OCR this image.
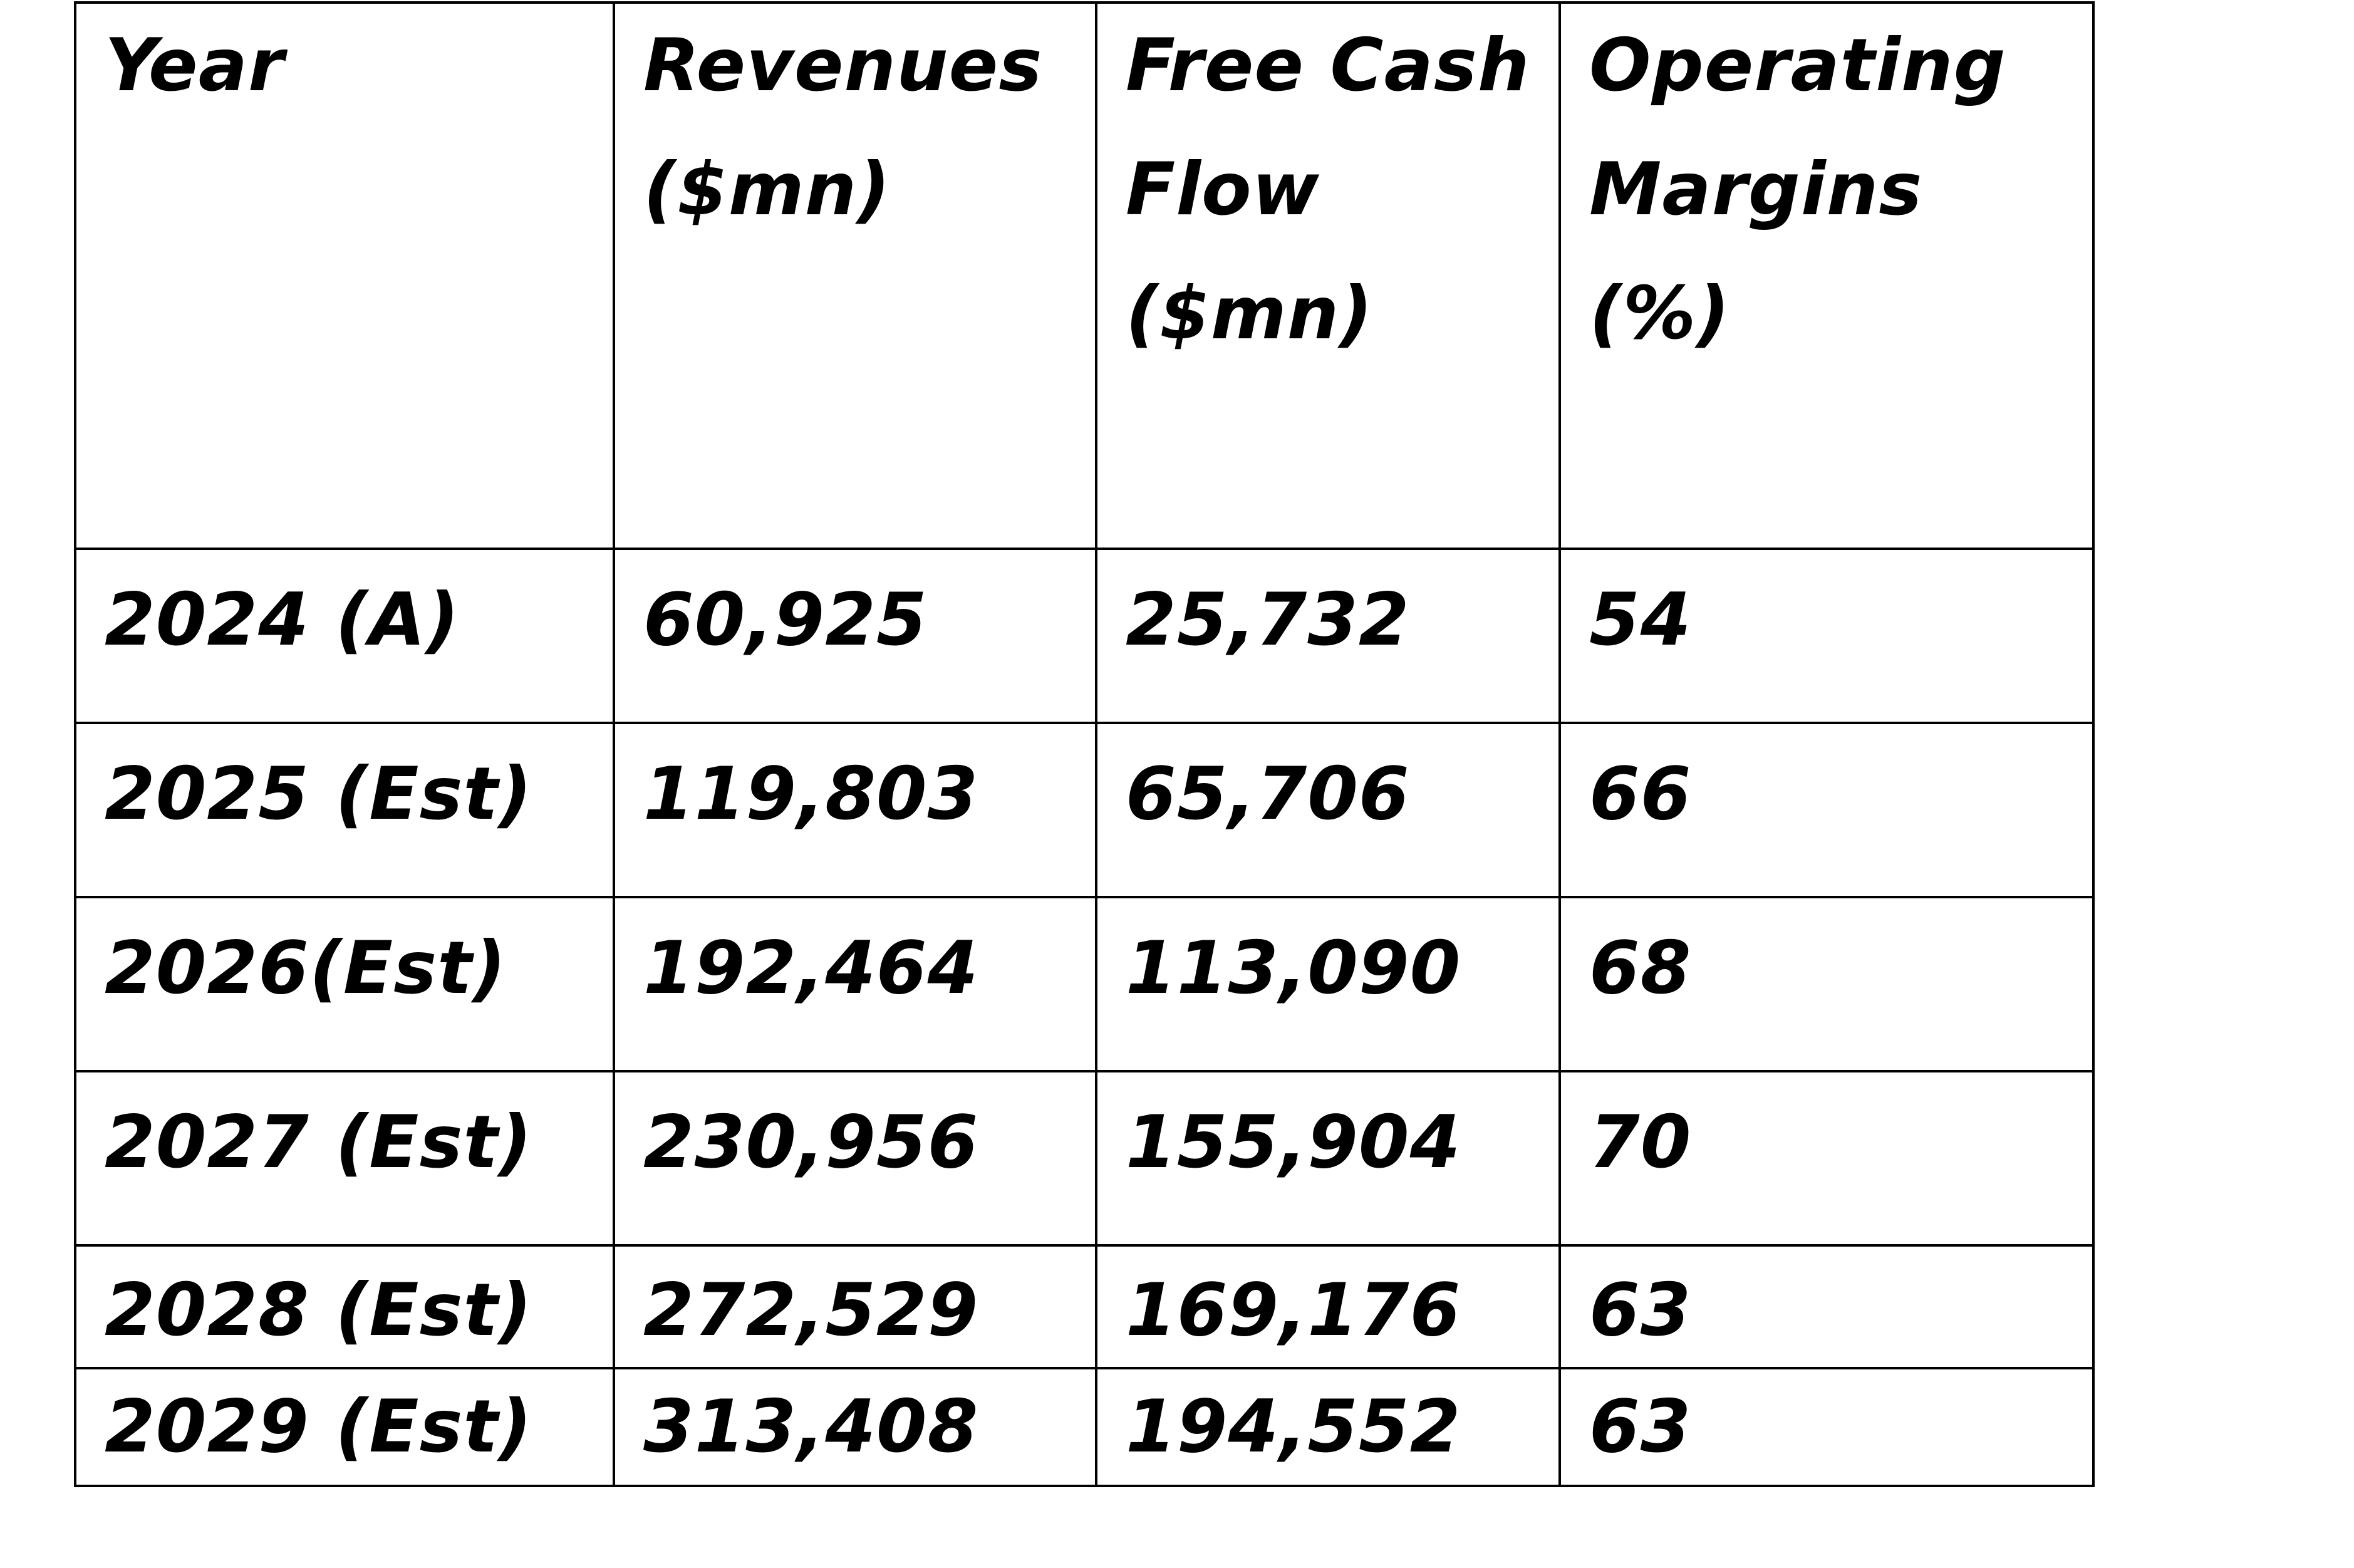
Year	Revenues ($mn)	Free Cash Flow ($mn)	Operating Margins (%)
2024 (A)	60,925	25,732	54
2025 (Est)	119,803	65,706	66
2026(Est)	192,464	113,090	68
2027 (Est)	230,956	155,904	70
2028 (Est)	272,529	169,176	63
2029 (Est)	313,408	194,552	63
